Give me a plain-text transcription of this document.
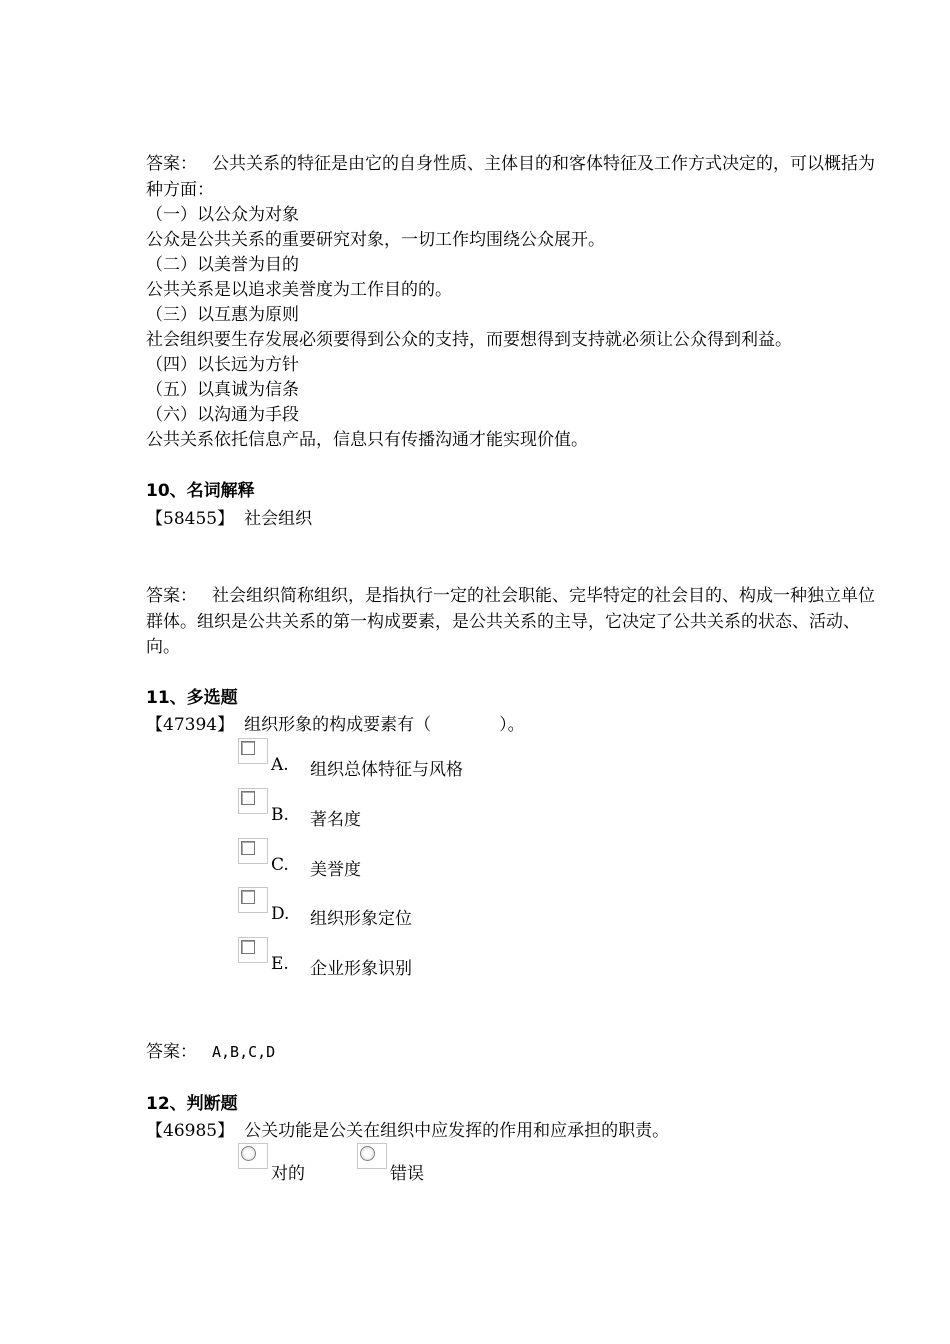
答案： 公共关系的特征是由它的自身性质、主体目的和客体特征及工作方式决定的，可以概括为
种方面：
（一）以公众为对象
公众是公共关系的重要研究对象，一切工作均围绕公众展开。
（二）以美誉为目的
公共关系是以追求美誉度为工作目的的。
（三）以互惠为原则
社会组织要生存发展必须要得到公众的支持，而要想得到支持就必须让公众得到利益。
（四）以长远为方针
（五）以真诚为信条
（六）以沟通为手段
公共关系依托信息产品，信息只有传播沟通才能实现价值。
10、名词解释
【58455】 社会组织
答案： 社会组织简称组织，是指执行一定的社会职能、完毕特定的社会目的、构成一种独立单位
群体。组织是公共关系的第一构成要素，是公共关系的主导，它决定了公共关系的状态、活动、
向。
11、多选题
【47394】 组织形象的构成要素有（　　　　）。
A. 组织总体特征与风格
B. 著名度
C. 美誉度
D. 组织形象定位
E. 企业形象识别
答案： A,B,C,D
12、判断题
【46985】 公关功能是公关在组织中应发挥的作用和应承担的职责。
对的	错误
